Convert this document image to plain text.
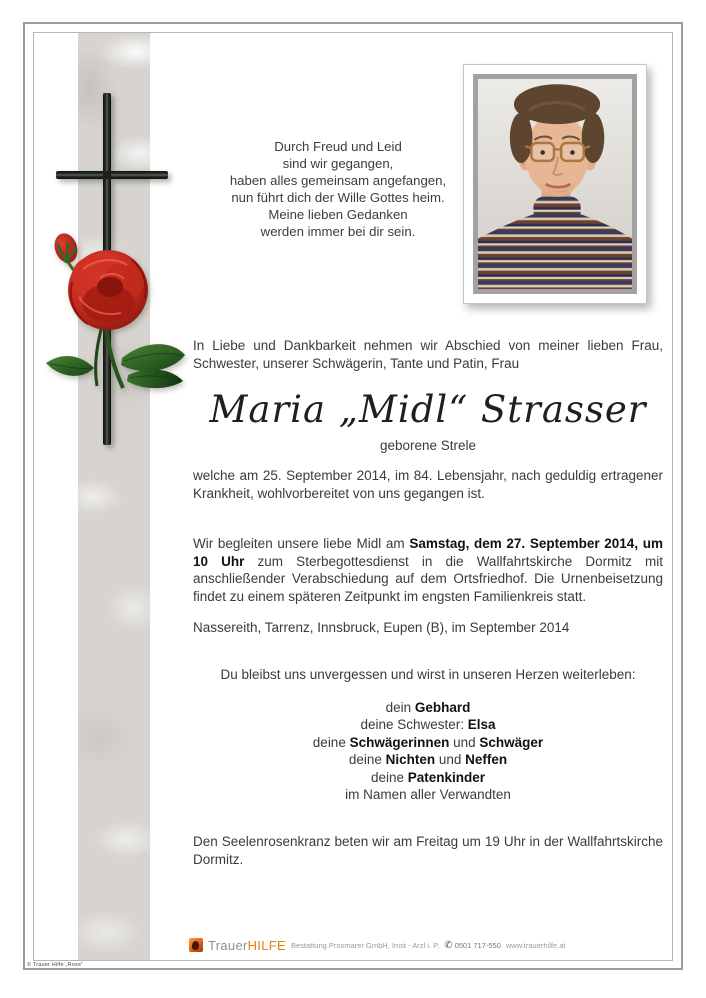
Durch Freud und Leid
sind wir gegangen,
haben alles gemeinsam angefangen,
nun führt dich der Wille Gottes heim.
Meine lieben Gedanken
werden immer bei dir sein.

In Liebe und Dankbarkeit nehmen wir Abschied von meiner lieben Frau, Schwester, unserer Schwägerin, Tante und Patin, Frau

Maria „Midl“ Strasser
geborene Strele

welche am 25. September 2014, im 84. Lebensjahr, nach geduldig ertragener Krankheit, wohlvorbereitet von uns gegangen ist.

Wir begleiten unsere liebe Midl am Samstag, dem 27. September 2014, um 10 Uhr zum Sterbegottesdienst in die Wallfahrtskirche Dormitz mit anschließender Verabschiedung auf dem Ortsfriedhof. Die Urnenbeisetzung findet zu einem späteren Zeitpunkt im engsten Familienkreis statt.

Nassereith, Tarrenz, Innsbruck, Eupen (B), im September 2014

Du bleibst uns unvergessen und wirst in unseren Herzen weiterleben:

dein Gebhard
deine Schwester: Elsa
deine Schwägerinnen und Schwäger
deine Nichten und Neffen
deine Patenkinder
im Namen aller Verwandten

Den Seelenrosenkranz beten wir am Freitag um 19 Uhr in der Wallfahrtskirche Dormitz.

TrauerHILFE Bestattung Proxmarer GmbH, Imst - Arzl i. P. ✆ 0501 717-550 www.trauerhilfe.at
© Trauer Hilfe „Rose“
